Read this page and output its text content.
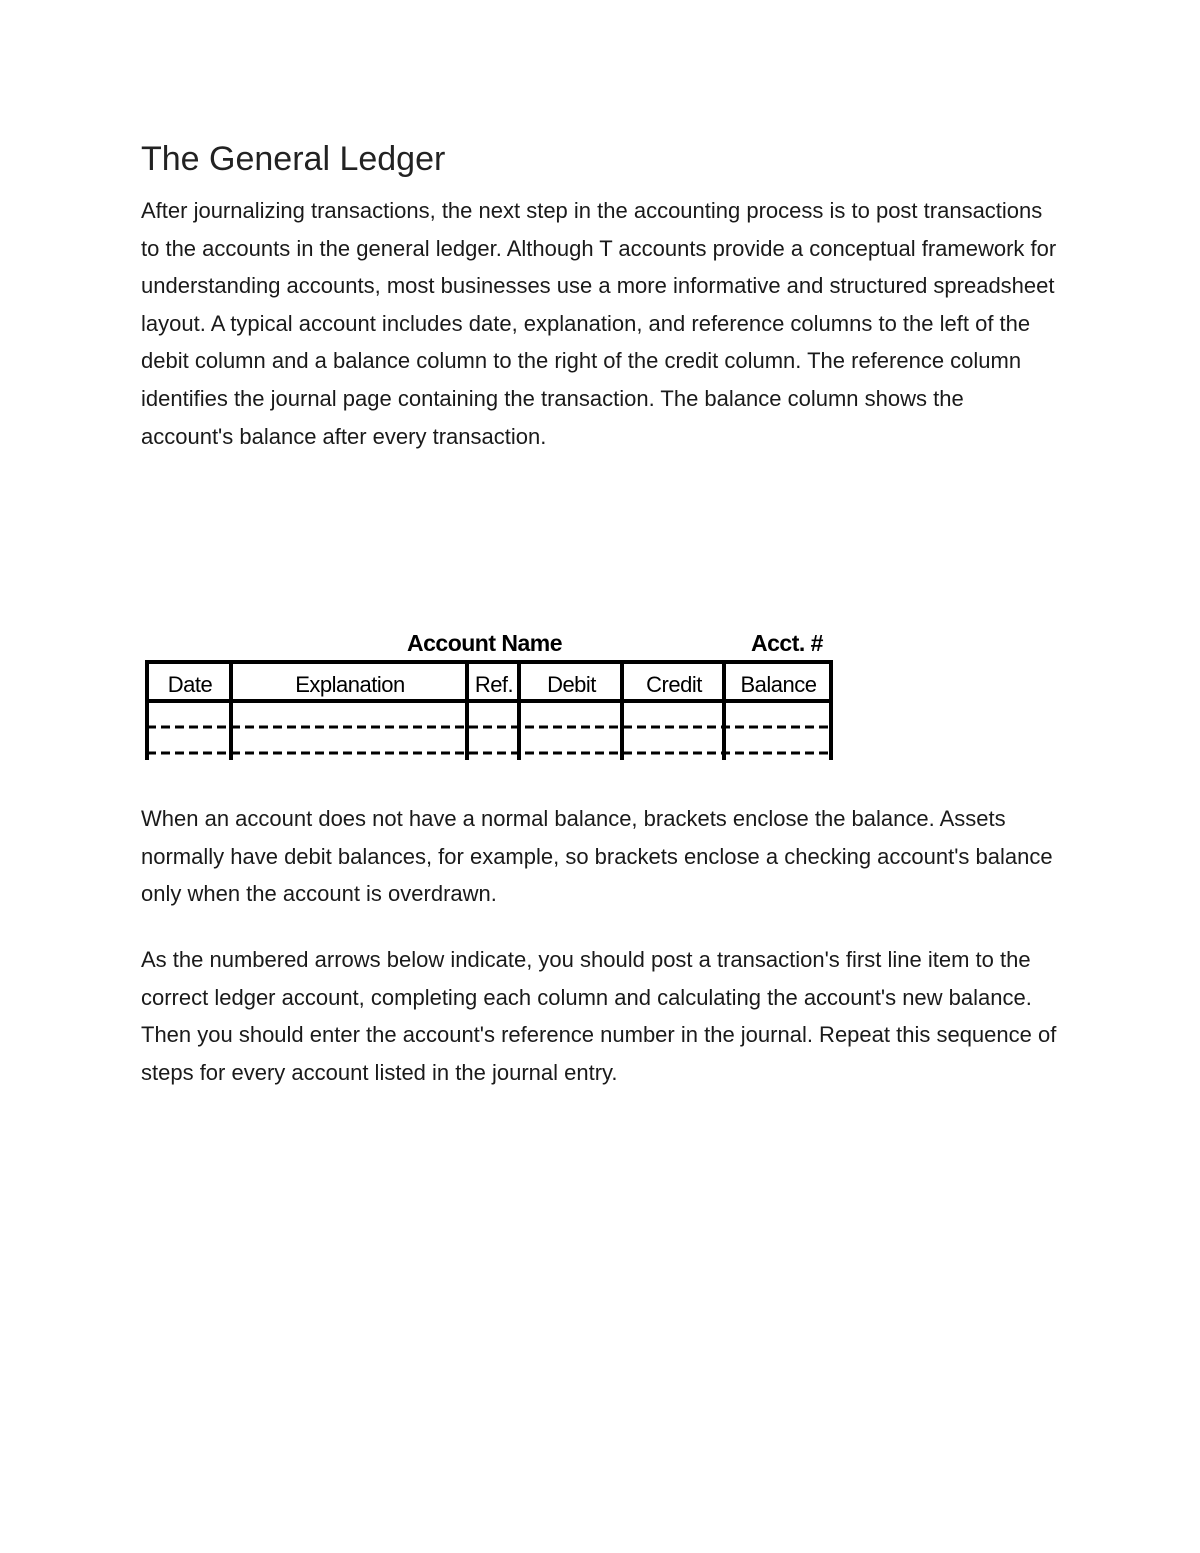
The General Ledger

After journalizing transactions, the next step in the accounting process is to post transactions to the accounts in the general ledger. Although T accounts provide a conceptual framework for understanding accounts, most businesses use a more informative and structured spreadsheet layout. A typical account includes date, explanation, and reference columns to the left of the debit column and a balance column to the right of the credit column. The reference column identifies the journal page containing the transaction. The balance column shows the account's balance after every transaction.

When an account does not have a normal balance, brackets enclose the balance. Assets normally have debit balances, for example, so brackets enclose a checking account's balance only when the account is overdrawn.

As the numbered arrows below indicate, you should post a transaction's first line item to the correct ledger account, completing each column and calculating the account's new balance. Then you should enter the account's reference number in the journal. Repeat this sequence of steps for every account listed in the journal entry.

Account Name	Acct. #
Date	Explanation	Ref.	Debit	Credit	Balance
